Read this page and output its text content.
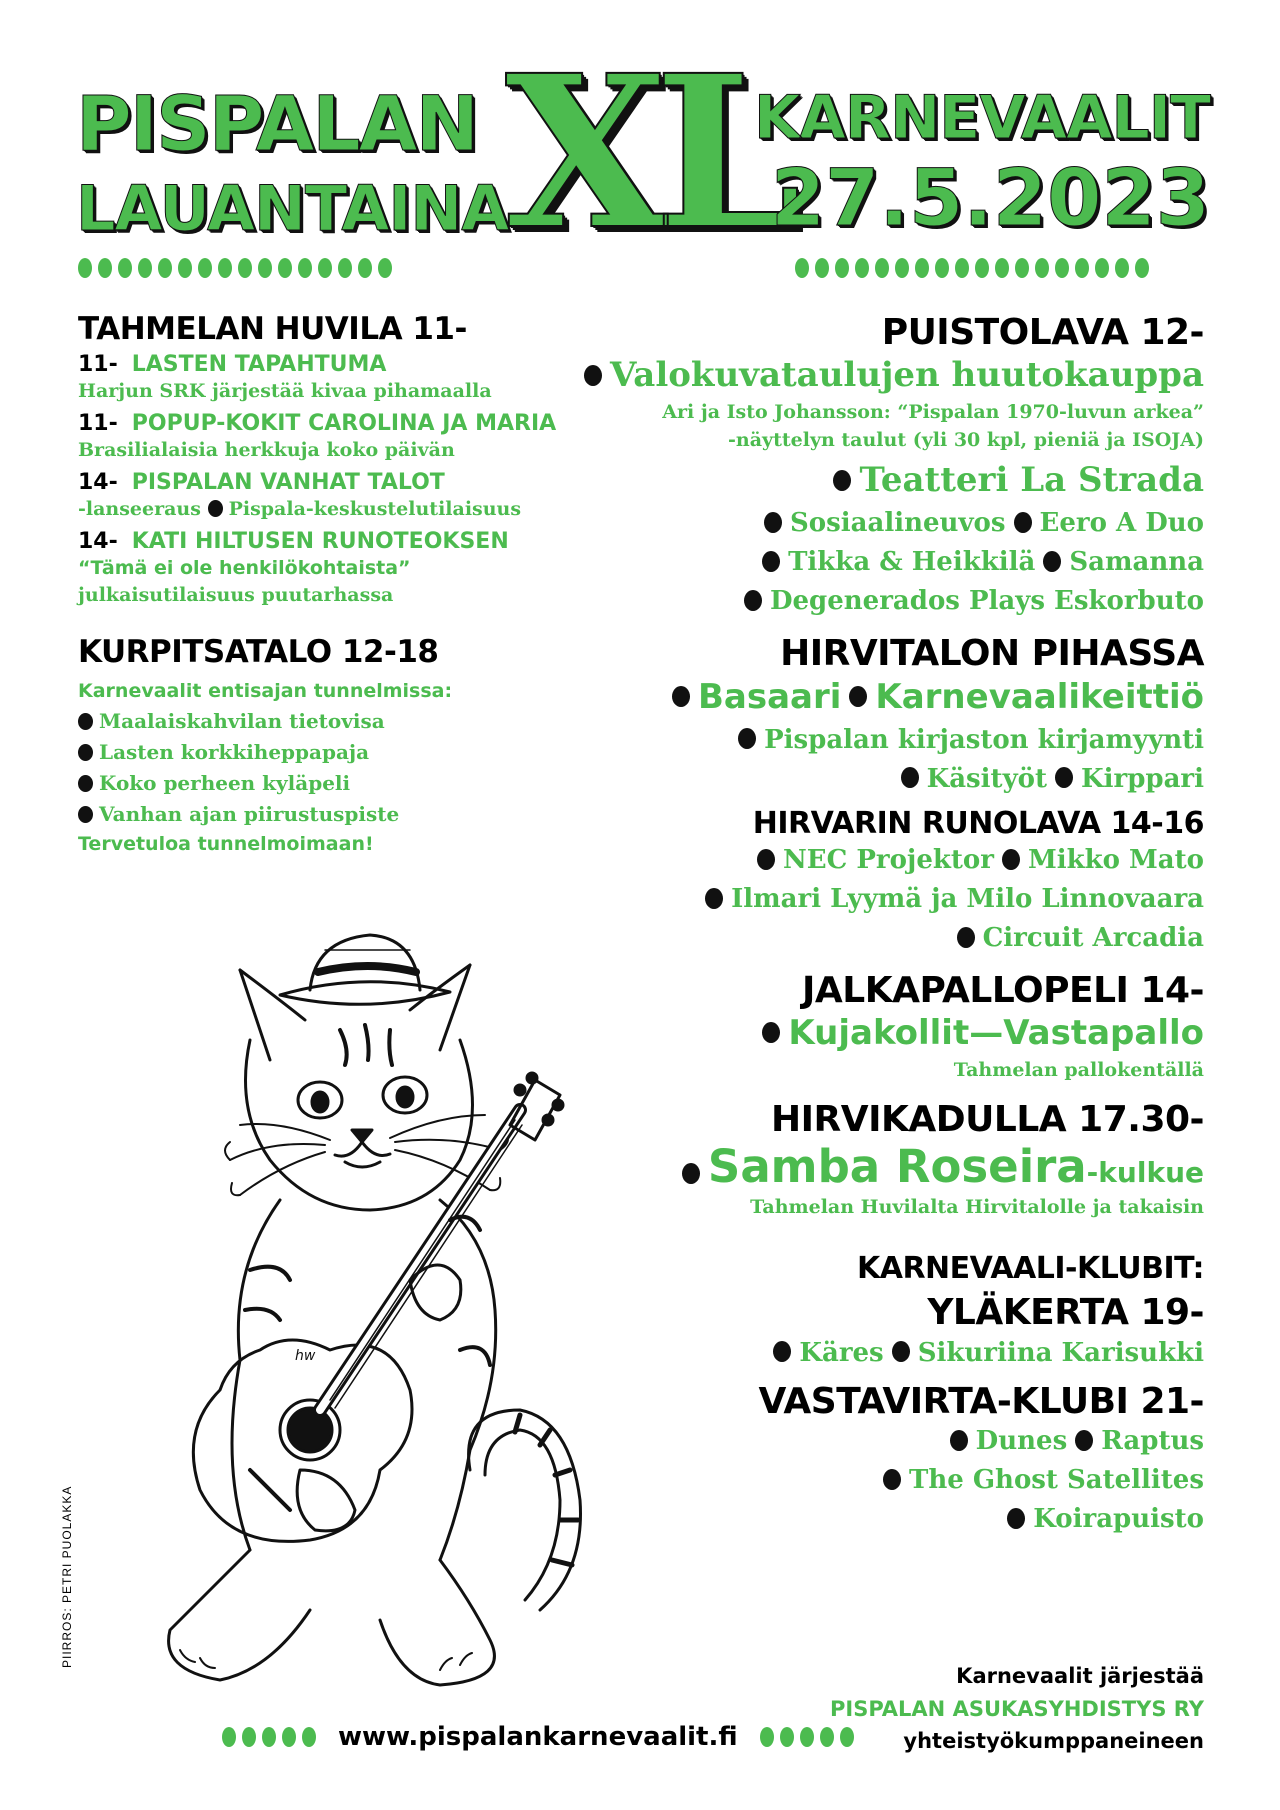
PISPALAN
LAUANTAINA
XL
KARNEVAALIT
27.5.2023
TAHMELAN HUVILA 11-
11- LASTEN TAPAHTUMA
Harjun SRK järjestää kivaa pihamaalla
11- POPUP-KOKIT CAROLINA JA MARIA
Brasilialaisia herkkuja koko päivän
14- PISPALAN VANHAT TALOT
-lanseeraus Pispala-keskustelutilaisuus
14- KATI HILTUSEN RUNOTEOKSEN
“Tämä ei ole henkilökohtaista”
julkaisutilaisuus puutarhassa
KURPITSATALO 12-18
Karnevaalit entisajan tunnelmissa:
Maalaiskahvilan tietovisa
Lasten korkkiheppapaja
Koko perheen kyläpeli
Vanhan ajan piirustuspiste
Tervetuloa tunnelmoimaan!
hw
PUISTOLAVA 12-
Valokuvataulujen huutokauppa
Ari ja Isto Johansson: “Pispalan 1970-luvun arkea”
-näyttelyn taulut (yli 30 kpl, pieniä ja ISOJA)
Teatteri La Strada
Sosiaalineuvos Eero A Duo
Tikka & Heikkilä Samanna
Degenerados Plays Eskorbuto
HIRVITALON PIHASSA
Basaari Karnevaalikeittiö
Pispalan kirjaston kirjamyynti
Käsityöt Kirppari
HIRVARIN RUNOLAVA 14-16
NEC Projektor Mikko Mato
Ilmari Lyymä ja Milo Linnovaara
Circuit Arcadia
JALKAPALLOPELI 14-
Kujakollit—Vastapallo
Tahmelan pallokentällä
HIRVIKADULLA 17.30-
Samba Roseira-kulkue
Tahmelan Huvilalta Hirvitalolle ja takaisin
KARNEVAALI-KLUBIT:
YLÄKERTA 19-
Käres Sikuriina Karisukki
VASTAVIRTA-KLUBI 21-
Dunes Raptus
The Ghost Satellites
Koirapuisto
PIIRROS: PETRI PUOLAKKA
www.pispalankarnevaalit.fi
Karnevaalit järjestää
PISPALAN ASUKASYHDISTYS RY
yhteistyökumppaneineen
